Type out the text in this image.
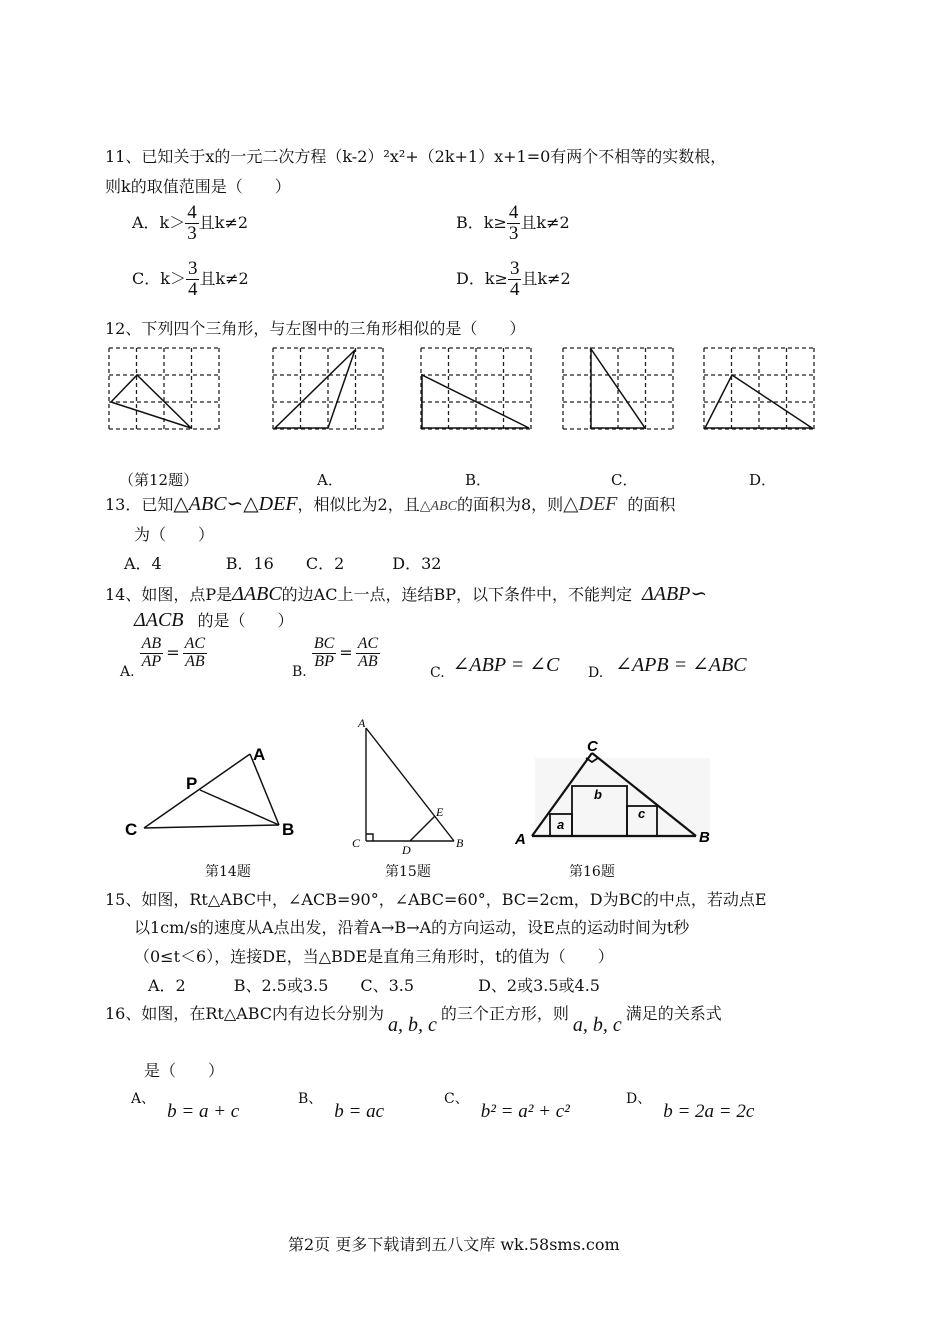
11、已知关于x的一元二次方程（k-2）²x²+（2k+1）x+1=0有两个不相等的实数根，
则k的取值范围是（　　）
A．$k> \frac{4}{3}$ 且k≠2	B．$k\ge \frac{4}{3}$ 且k≠2
C．$k> \frac{3}{4}$ 且k≠2	D．$k\ge \frac{3}{4}$ 且k≠2
12、下列四个三角形，与左图中的三角形相似的是（　　）
（第12题）	A．	B．	C．	D．
13．已知△ABC∽△DEF，相似比为2，且△ABC的面积为8，则△DEF 的面积
为（　　）
A．4　　　　B．16　　C．2　　　D．32
14、如图，点P是ΔABC的边AC上一点，连结BP，以下条件中，不能判定 ΔABP∽
ΔACB 的是（　　）
A.
$\frac{AB}{AP} = \frac{AC}{AB}$
B.
$\frac{BC}{BP} = \frac{AC}{AB}$
C. ∠ABP = ∠C D. ∠APB = ∠ABC
A
P
C	B
第14题
A
E
C	D	B
第15题
C
A	B
a
b
c
第16题
15、如图，Rt△ABC中，∠ACB=90°，∠ABC=60°，BC=2cm，D为BC的中点，若动点E
以1cm/s的速度从A点出发，沿着A→B→A的方向运动，设E点的运动时间为t秒
（0≤t＜6），连接DE，当△BDE是直角三角形时，t的值为（　　）
A．2　　　B、2.5或3.5　　C、3.5　　　　D、2或3.5或4.5
16、如图，在Rt△ABC内有边长分别为a, b, c的三个正方形，则a, b, c满足的关系式
是（　　）
A、b = a + c
B、b = ac
C、b² = a² + c²
D、b = 2a = 2c
第2页 更多下载请到五八文库 wk.58sms.com
